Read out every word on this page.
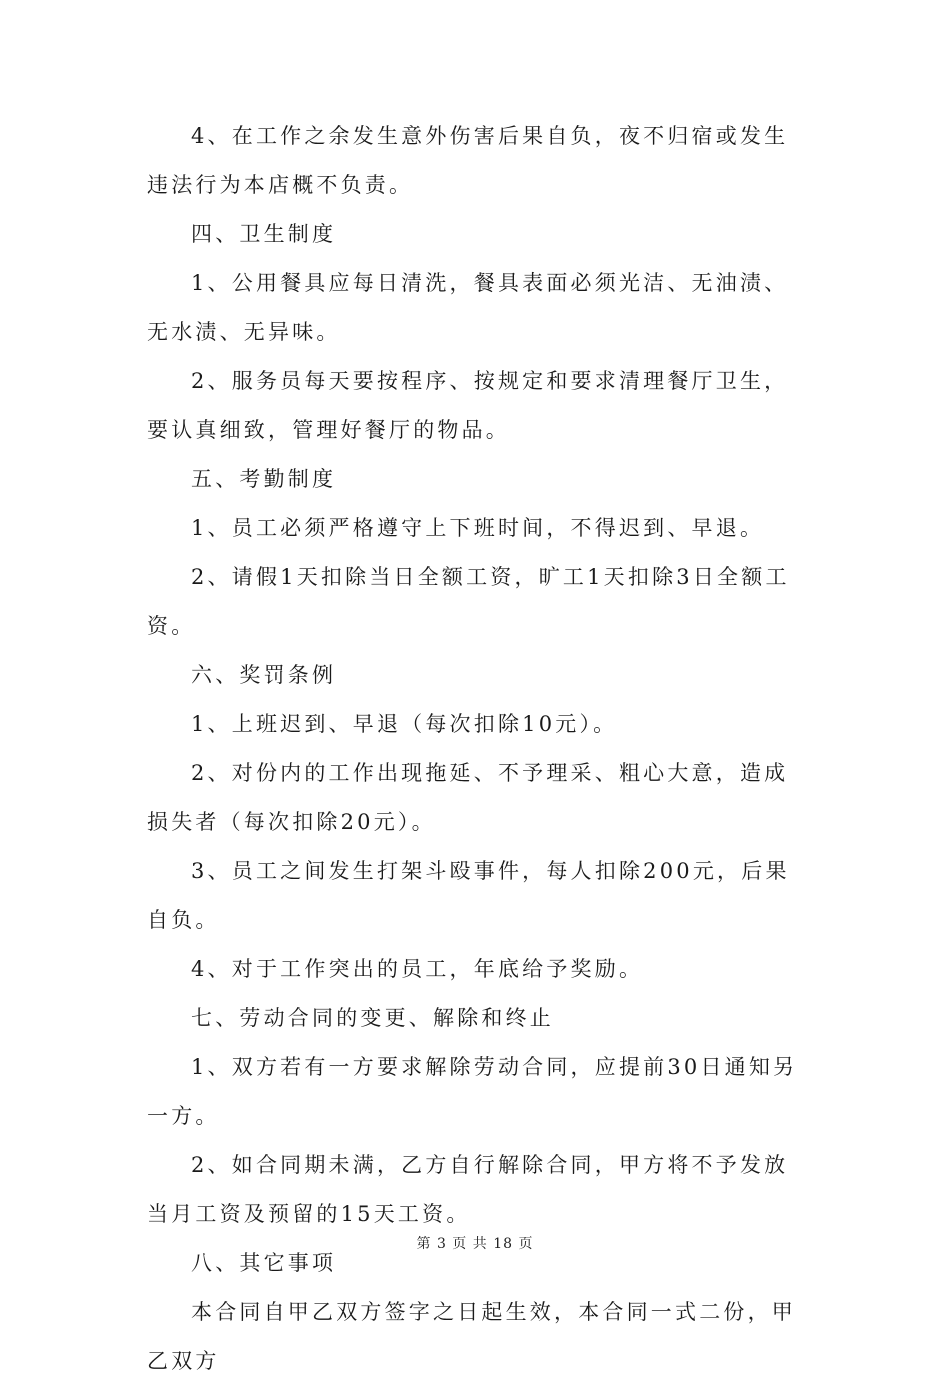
4、在工作之余发生意外伤害后果自负，夜不归宿或发生违法行为本店概不负责。

四、卫生制度

1、公用餐具应每日清洗，餐具表面必须光洁、无油渍、无水渍、无异味。

2、服务员每天要按程序、按规定和要求清理餐厅卫生，要认真细致，管理好餐厅的物品。

五、考勤制度

1、员工必须严格遵守上下班时间，不得迟到、早退。

2、请假1天扣除当日全额工资，旷工1天扣除3日全额工资。

六、奖罚条例

1、上班迟到、早退（每次扣除10元）。

2、对份内的工作出现拖延、不予理采、粗心大意，造成损失者（每次扣除20元）。

3、员工之间发生打架斗殴事件，每人扣除200元，后果自负。

4、对于工作突出的员工，年底给予奖励。

七、劳动合同的变更、解除和终止

1、双方若有一方要求解除劳动合同，应提前30日通知另一方。

2、如合同期未满，乙方自行解除合同，甲方将不予发放当月工资及预留的15天工资。

八、其它事项

本合同自甲乙双方签字之日起生效，本合同一式二份，甲乙双方

第 3 页 共 18 页
